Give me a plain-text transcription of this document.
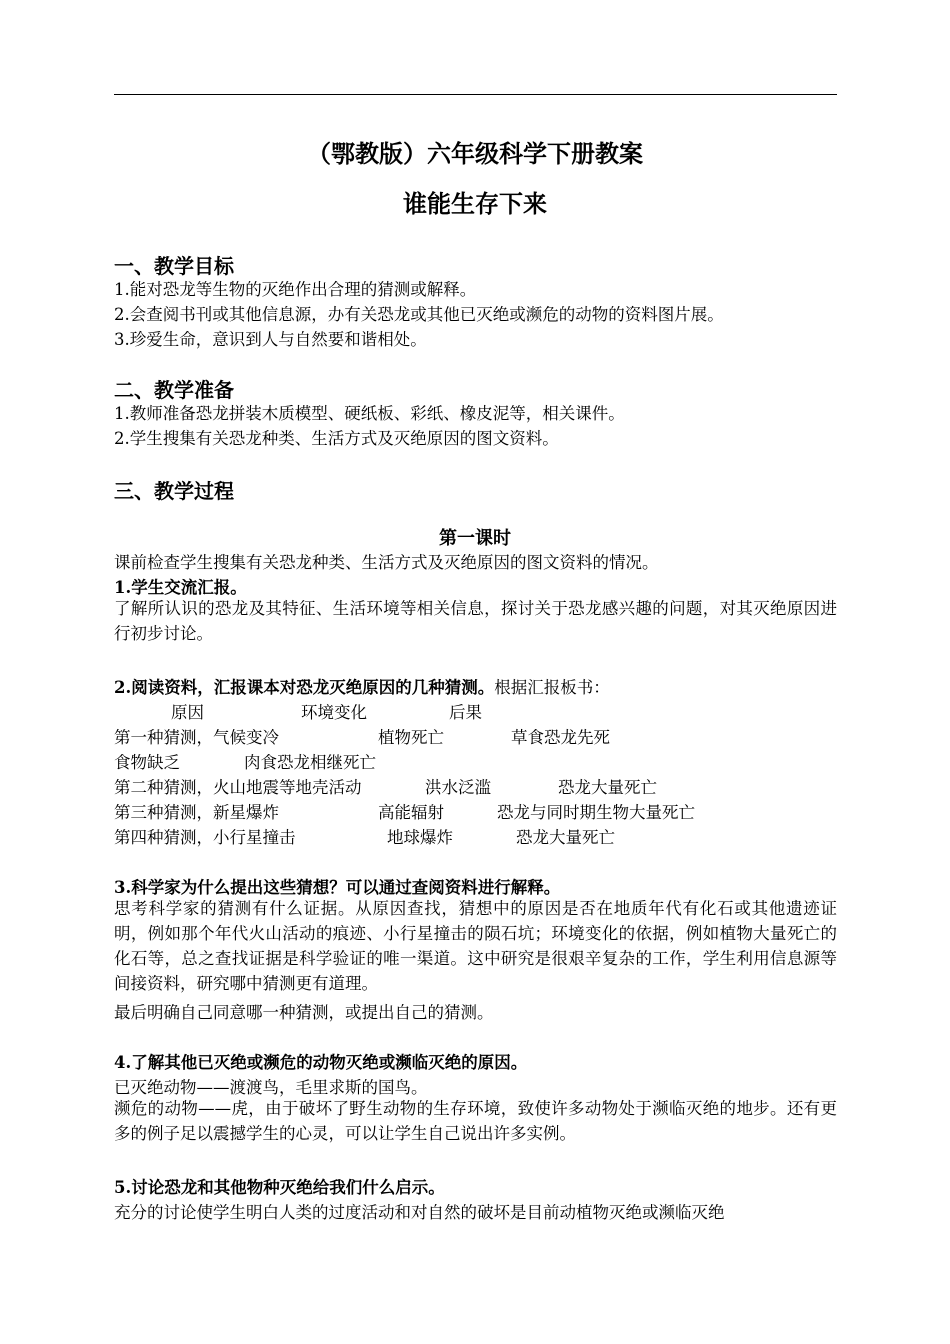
（鄂教版）六年级科学下册教案
谁能生存下来
一、教学目标
1.能对恐龙等生物的灭绝作出合理的猜测或解释。
2.会查阅书刊或其他信息源，办有关恐龙或其他已灭绝或濒危的动物的资料图片展。
3.珍爱生命，意识到人与自然要和谐相处。
二、教学准备
1.教师准备恐龙拼装木质模型、硬纸板、彩纸、橡皮泥等，相关课件。
2.学生搜集有关恐龙种类、生活方式及灭绝原因的图文资料。
三、教学过程
第一课时
课前检查学生搜集有关恐龙种类、生活方式及灭绝原因的图文资料的情况。
1.学生交流汇报。
了解所认识的恐龙及其特征、生活环境等相关信息，探讨关于恐龙感兴趣的问题，对其灭绝原因进行初步讨论。
2.阅读资料，汇报课本对恐龙灭绝原因的几种猜测。根据汇报板书：
原因	环境变化	后果
第一种猜测，气候变冷	植物死亡	草食恐龙先死
食物缺乏	肉食恐龙相继死亡
第二种猜测，火山地震等地壳活动	洪水泛滥	恐龙大量死亡
第三种猜测，新星爆炸	高能辐射	恐龙与同时期生物大量死亡
第四种猜测，小行星撞击	地球爆炸	恐龙大量死亡
3.科学家为什么提出这些猜想？可以通过查阅资料进行解释。
思考科学家的猜测有什么证据。从原因查找，猜想中的原因是否在地质年代有化石或其他遗迹证明，例如那个年代火山活动的痕迹、小行星撞击的陨石坑；环境变化的依据，例如植物大量死亡的化石等，总之查找证据是科学验证的唯一渠道。这中研究是很艰辛复杂的工作，学生利用信息源等间接资料，研究哪中猜测更有道理。
最后明确自己同意哪一种猜测，或提出自己的猜测。
4.了解其他已灭绝或濒危的动物灭绝或濒临灭绝的原因。
已灭绝动物——渡渡鸟，毛里求斯的国鸟。
濒危的动物——虎，由于破坏了野生动物的生存环境，致使许多动物处于濒临灭绝的地步。还有更多的例子足以震撼学生的心灵，可以让学生自己说出许多实例。
5.讨论恐龙和其他物种灭绝给我们什么启示。
充分的讨论使学生明白人类的过度活动和对自然的破坏是目前动植物灭绝或濒临灭绝
